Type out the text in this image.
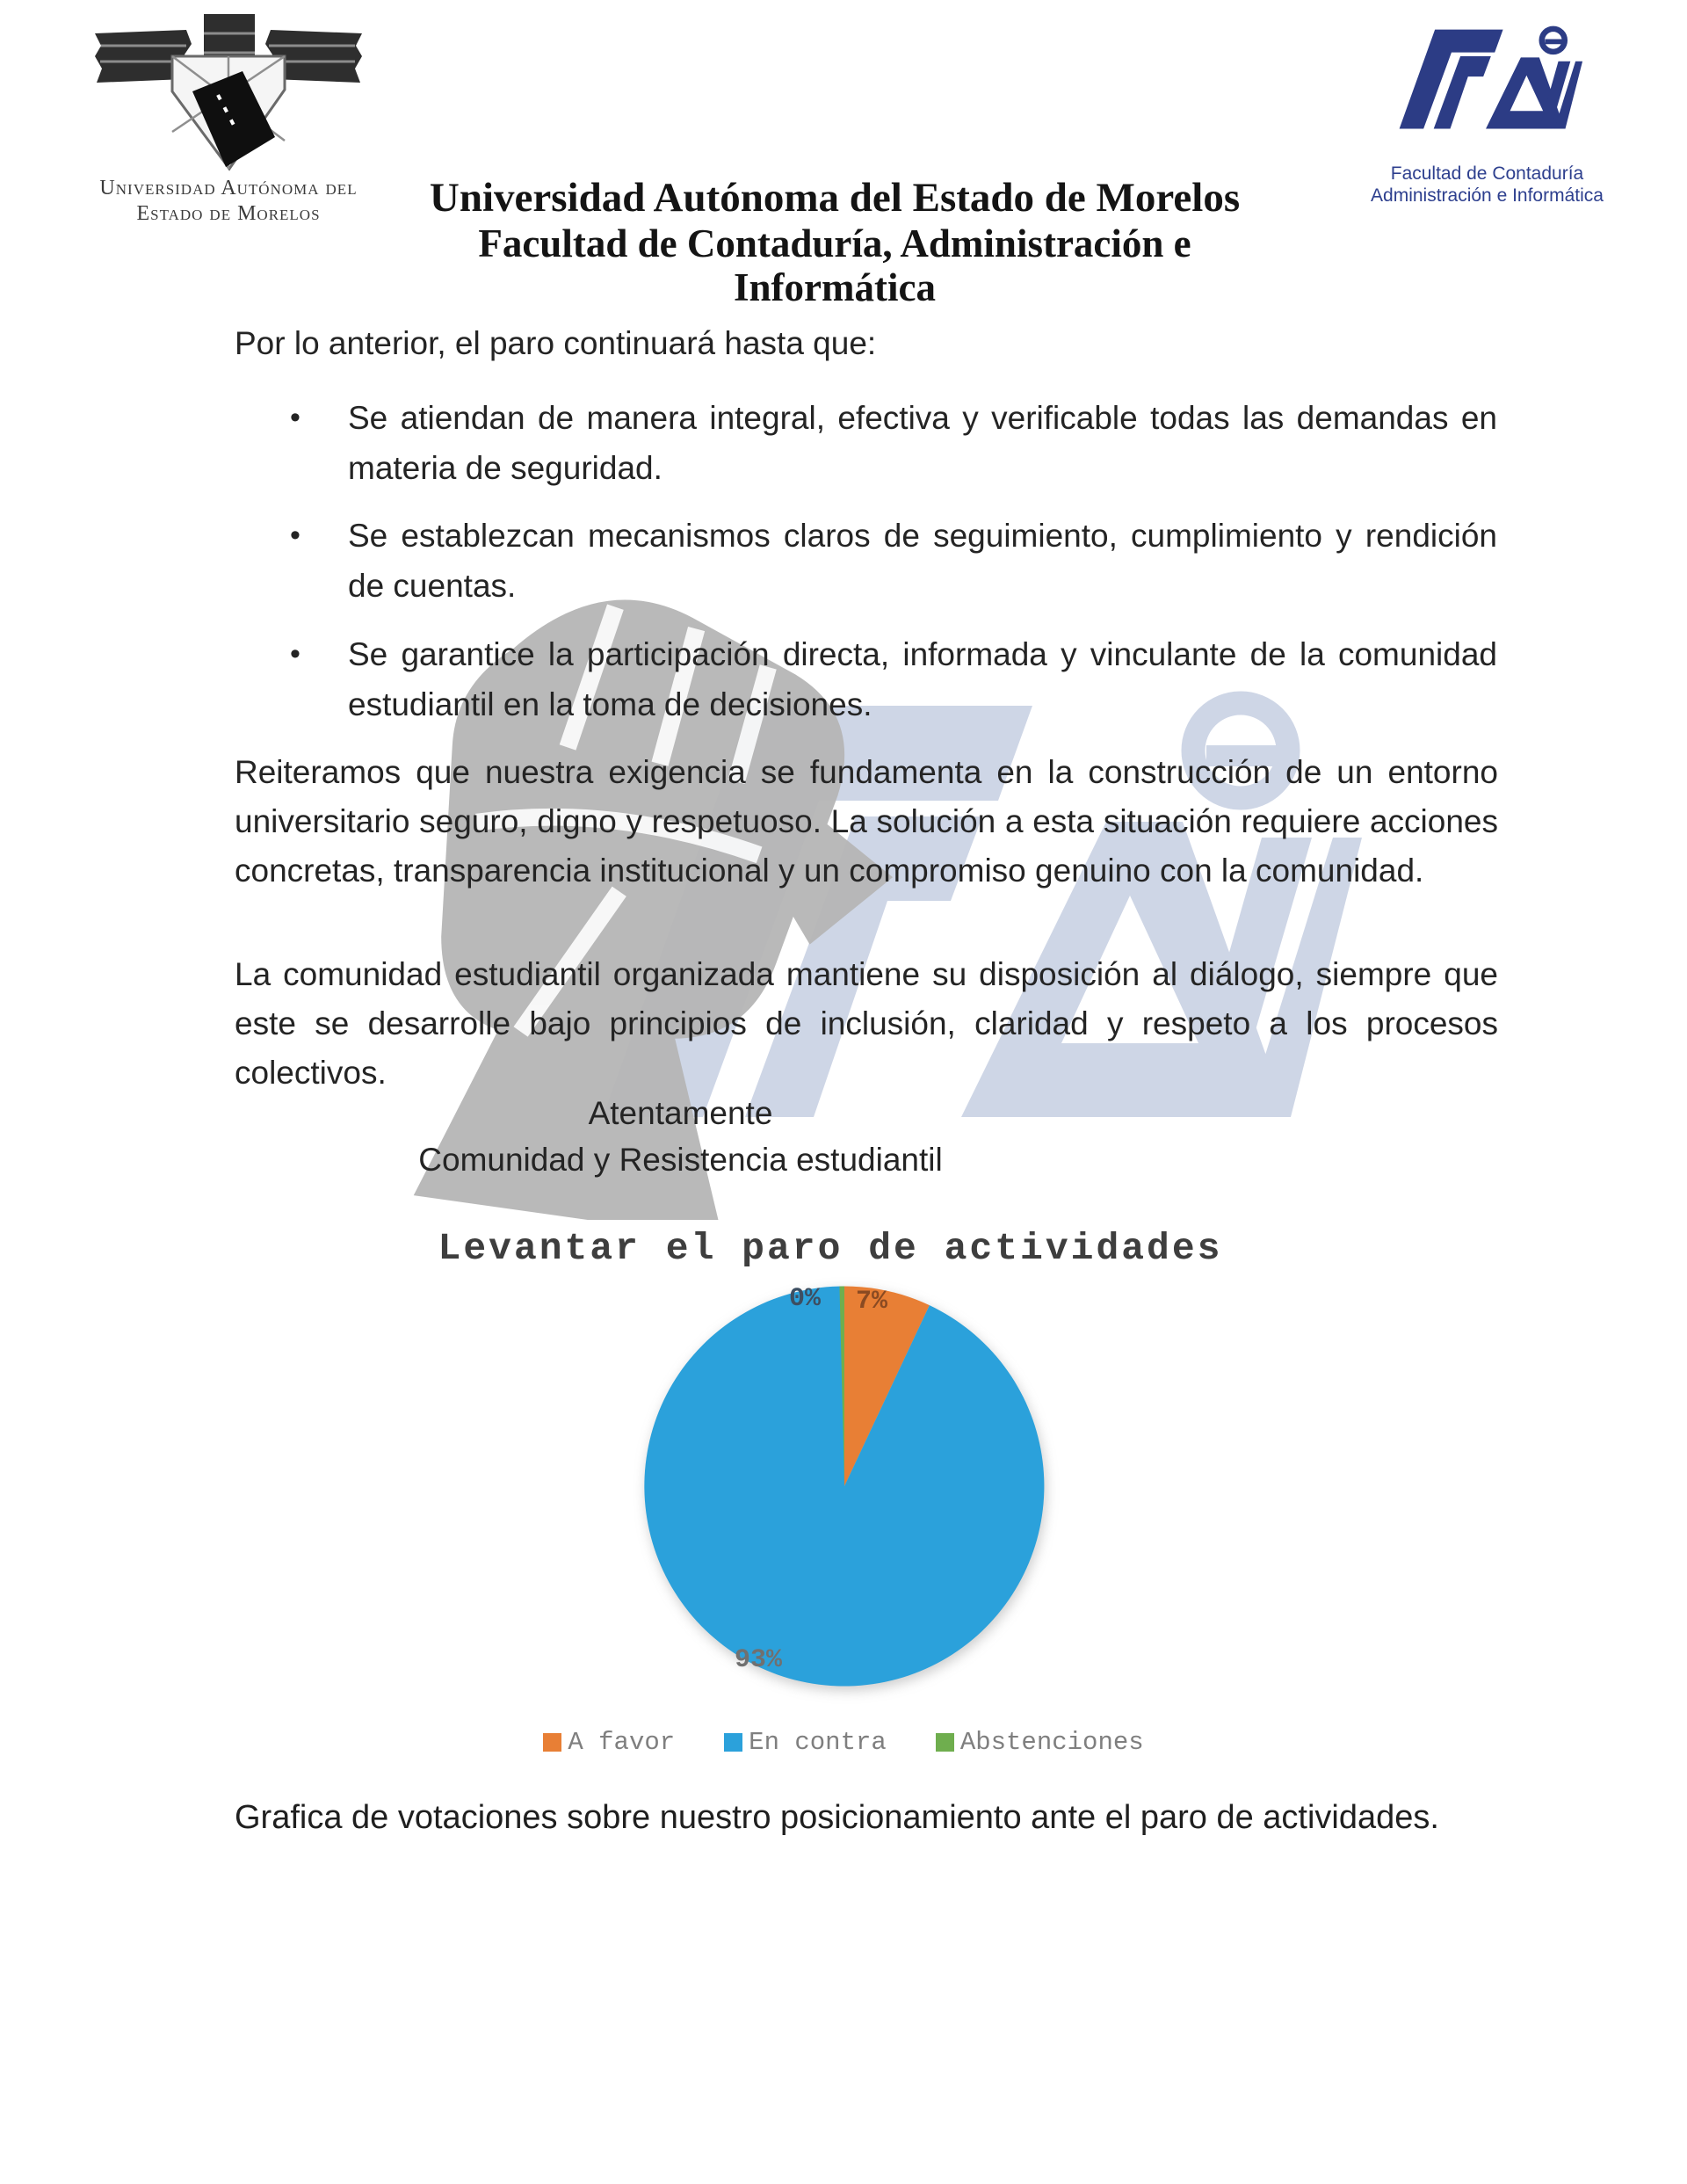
Universidad Autónoma del
Estado de Morelos	Universidad Autónoma del Estado de Morelos
Facultad de Contaduría, Administración e Informática
Facultad de Contaduría
Administración e Informática
Por lo anterior, el paro continuará hasta que:
•	Se atiendan de manera integral, efectiva y verificable todas las demandas en materia de seguridad.
•	Se establezcan mecanismos claros de seguimiento, cumplimiento y rendición de cuentas.
•	Se garantice la participación directa, informada y vinculante de la comunidad estudiantil en la toma de decisiones.
Reiteramos que nuestra exigencia se fundamenta en la construcción de un entorno universitario seguro, digno y respetuoso. La solución a esta situación requiere acciones concretas, transparencia institucional y un compromiso genuino con la comunidad.
La comunidad estudiantil organizada mantiene su disposición al diálogo, siempre que este se desarrolle bajo principios de inclusión, claridad y respeto a los procesos colectivos.
Atentamente
Comunidad y Resistencia estudiantil
Levantar el paro de actividades
0% 7%
93%
A favor	En contra	Abstenciones
Grafica de votaciones sobre nuestro posicionamiento ante el paro de actividades.
